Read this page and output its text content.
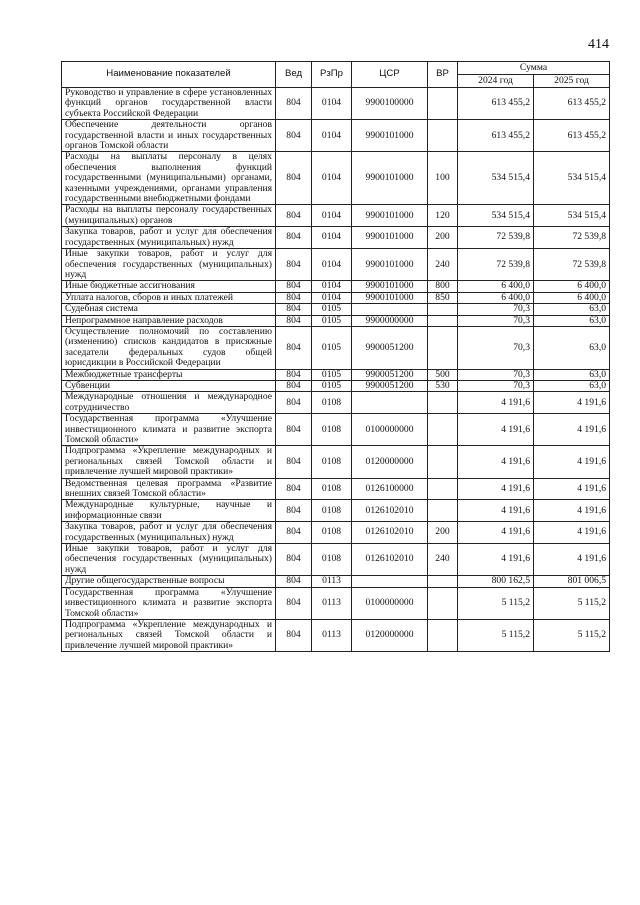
414
Наименование показателей	Вед	РзПр	ЦСР	ВР	Сумма	
					2024 год	2025 год
Руководство и управление в сфере установленных функций органов государственной власти субъекта Российской Федерации	804	0104	9900100000		613 455,2	613 455,2
Обеспечение деятельности органов государственной власти и иных государственных органов Томской области	804	0104	9900101000		613 455,2	613 455,2
Расходы на выплаты персоналу в целях обеспечения выполнения функций государственными (муниципальными) органами, казенными учреждениями, органами управления государственными внебюджетными фондами	804	0104	9900101000	100	534 515,4	534 515,4
Расходы на выплаты персоналу государственных (муниципальных) органов	804	0104	9900101000	120	534 515,4	534 515,4
Закупка товаров, работ и услуг для обеспечения государственных (муниципальных) нужд	804	0104	9900101000	200	72 539,8	72 539,8
Иные закупки товаров, работ и услуг для обеспечения государственных (муниципальных) нужд	804	0104	9900101000	240	72 539,8	72 539,8
Иные бюджетные ассигнования	804	0104	9900101000	800	6 400,0	6 400,0
Уплата налогов, сборов и иных платежей	804	0104	9900101000	850	6 400,0	6 400,0
Судебная система	804	0105			70,3	63,0
Непрограммное направление расходов	804	0105	9900000000		70,3	63,0
Осуществление полномочий по составлению (изменению) списков кандидатов в присяжные заседатели федеральных судов общей юрисдикции в Российской Федерации	804	0105	9900051200		70,3	63,0
Межбюджетные трансферты	804	0105	9900051200	500	70,3	63,0
Субвенции	804	0105	9900051200	530	70,3	63,0
Международные отношения и международное сотрудничество	804	0108			4 191,6	4 191,6
Государственная программа «Улучшение инвестиционного климата и развитие экспорта Томской области»	804	0108	0100000000		4 191,6	4 191,6
Подпрограмма «Укрепление международных и региональных связей Томской области и привлечение лучшей мировой практики»	804	0108	0120000000		4 191,6	4 191,6
Ведомственная целевая программа «Развитие внешних связей Томской области»	804	0108	0126100000		4 191,6	4 191,6
Международные культурные, научные и информационные связи	804	0108	0126102010		4 191,6	4 191,6
Закупка товаров, работ и услуг для обеспечения государственных (муниципальных) нужд	804	0108	0126102010	200	4 191,6	4 191,6
Иные закупки товаров, работ и услуг для обеспечения государственных (муниципальных) нужд	804	0108	0126102010	240	4 191,6	4 191,6
Другие общегосударственные вопросы	804	0113			800 162,5	801 006,5
Государственная программа «Улучшение инвестиционного климата и развитие экспорта Томской области»	804	0113	0100000000		5 115,2	5 115,2
Подпрограмма «Укрепление международных и региональных связей Томской области и привлечение лучшей мировой практики»	804	0113	0120000000		5 115,2	5 115,2
